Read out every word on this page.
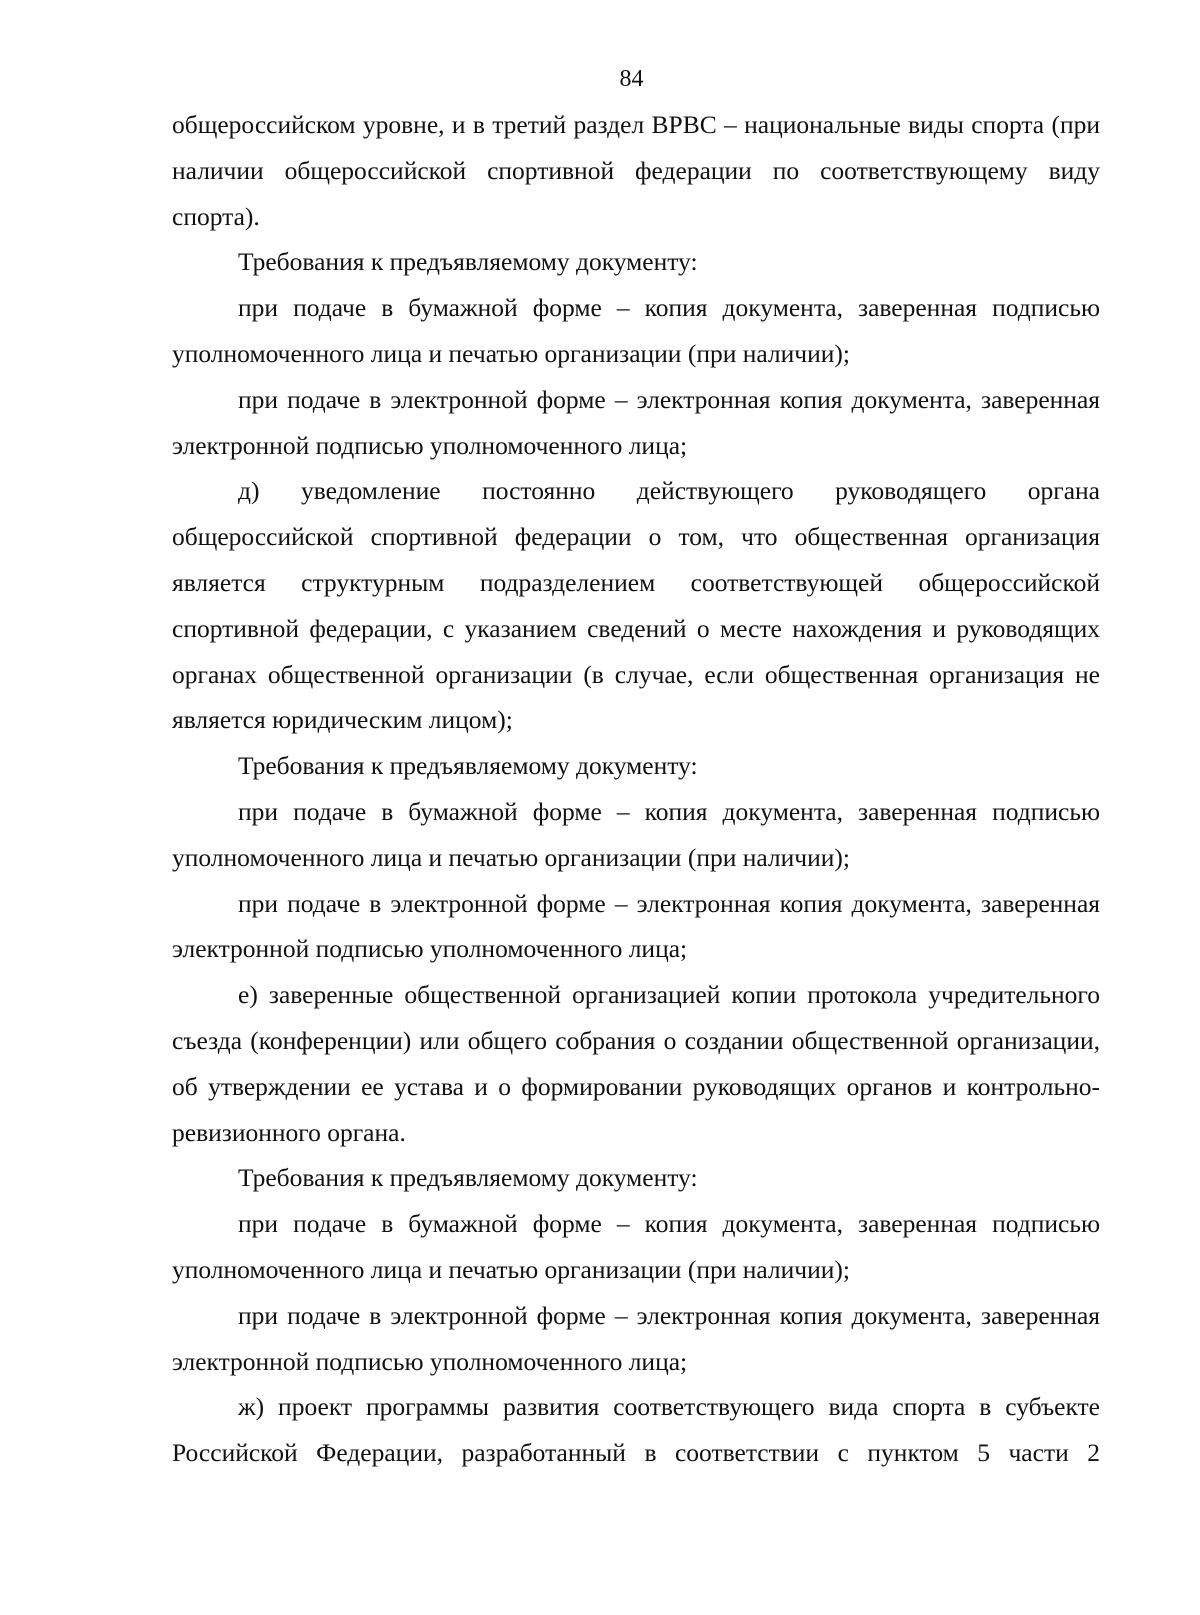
84

общероссийском уровне, и в третий раздел ВРВС – национальные виды спорта (при наличии общероссийской спортивной федерации по соответствующему виду спорта).

Требования к предъявляемому документу:

при подаче в бумажной форме – копия документа, заверенная подписью уполномоченного лица и печатью организации (при наличии);

при подаче в электронной форме – электронная копия документа, заверенная электронной подписью уполномоченного лица;

д) уведомление постоянно действующего руководящего органа общероссийской спортивной федерации о том, что общественная организация является структурным подразделением соответствующей общероссийской спортивной федерации, с указанием сведений о месте нахождения и руководящих органах общественной организации (в случае, если общественная организация не является юридическим лицом);

Требования к предъявляемому документу:

при подаче в бумажной форме – копия документа, заверенная подписью уполномоченного лица и печатью организации (при наличии);

при подаче в электронной форме – электронная копия документа, заверенная электронной подписью уполномоченного лица;

е) заверенные общественной организацией копии протокола учредительного съезда (конференции) или общего собрания о создании общественной организации, об утверждении ее устава и о формировании руководящих органов и контрольно-ревизионного органа.

Требования к предъявляемому документу:

при подаче в бумажной форме – копия документа, заверенная подписью уполномоченного лица и печатью организации (при наличии);

при подаче в электронной форме – электронная копия документа, заверенная электронной подписью уполномоченного лица;

ж) проект программы развития соответствующего вида спорта в субъекте Российской Федерации, разработанный в соответствии с пунктом 5 части 2
